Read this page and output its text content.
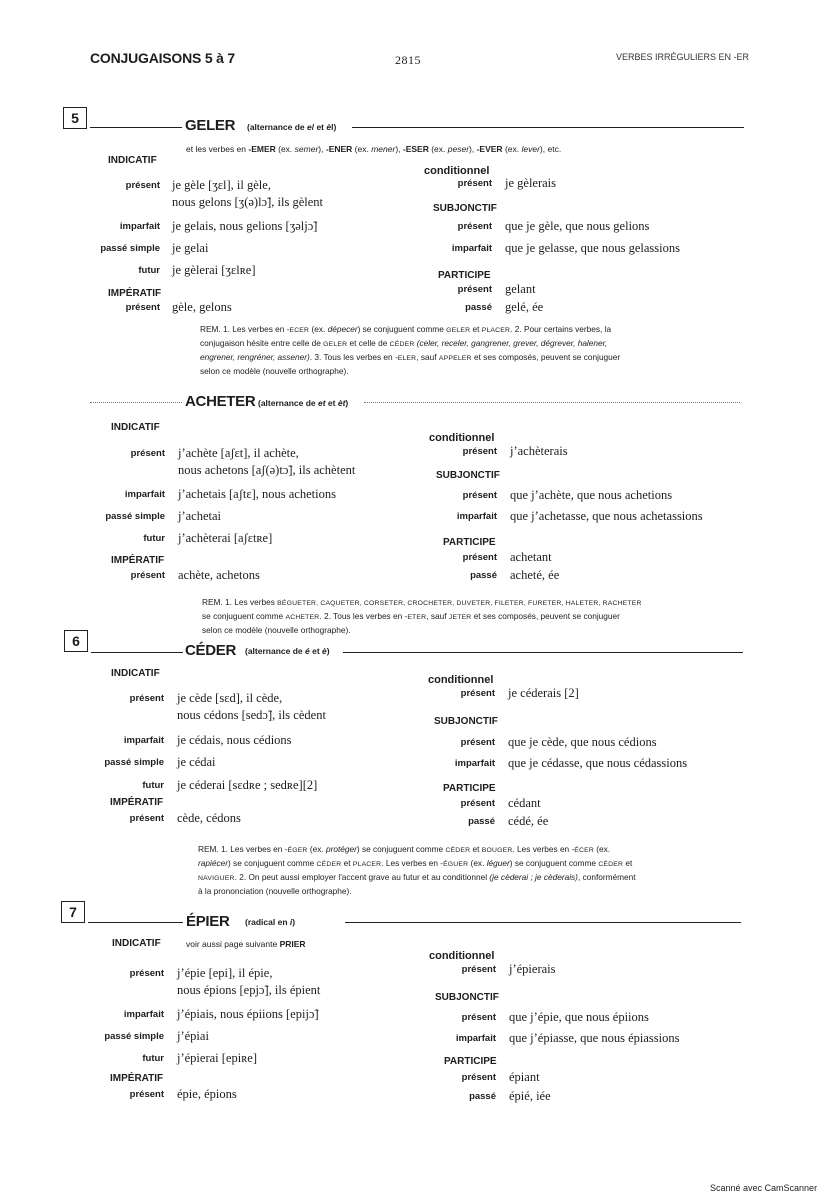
CONJUGAISONS 5 à 7	2815	VERBES IRRÉGULIERS EN -ER
5	GELER (alternance de e/ et èl)
et les verbes en -EMER (ex. semer), -ENER (ex. mener), -ESER (ex. peser), -EVER (ex. lever), etc.
INDICATIF
présent je gèle [ʒɛl], il gèle,
nous gelons [ʒ(ə)lɔ̃], ils gèlent
imparfait je gelais, nous gelions [ʒəljɔ̃]
passé simple je gelai
futur je gèlerai [ʒɛlʀe]
IMPÉRATIF
présent gèle, gelons
conditionnel
présent je gèlerais
SUBJONCTIF
présent que je gèle, que nous gelions
imparfait que je gelasse, que nous gelassions
PARTICIPE
présent gelant
passé gelé, ée
REM. 1. Les verbes en -ECER (ex. dépecer) se conjuguent comme GELER et PLACER. 2. Pour certains verbes, la conjugaison hésite entre celle de GELER et celle de CÉDER (celer, receler, gangrener, grever, dégrever, halener, engrener, rengréner, assener). 3. Tous les verbes en -ELER, sauf APPELER et ses composés, peuvent se conjuguer selon ce modèle (nouvelle orthographe).
ACHETER (alternance de et et èt)
INDICATIF
présent j’achète [aʃɛt], il achète,
nous achetons [aʃ(ə)tɔ̃], ils achètent
imparfait j’achetais [aʃtɛ], nous achetions
passé simple j’achetai
futur j’achèterai [aʃɛtʀe]
IMPÉRATIF
présent achète, achetons
conditionnel
présent j’achèterais
SUBJONCTIF
présent que j’achète, que nous achetions
imparfait que j’achetasse, que nous achetassions
PARTICIPE
présent achetant
passé acheté, ée
REM. 1. Les verbes BÉGUETER, CAQUETER, CORSETER, CROCHETER, DUVETER, FILETER, FURETER, HALETER, RACHETER se conjuguent comme ACHETER. 2. Tous les verbes en -ETER, sauf JETER et ses composés, peuvent se conjuguer selon ce modèle (nouvelle orthographe).
6
CÉDER (alternance de é et è)
INDICATIF
présent je cède [sɛd], il cède,
nous cédons [sedɔ̃], ils cèdent
imparfait je cédais, nous cédions
passé simple je cédai
futur je céderai [sɛdʀe ; sedʀe][2]
IMPÉRATIF
présent cède, cédons
conditionnel
présent je céderais [2]
SUBJONCTIF
présent que je cède, que nous cédions
imparfait que je cédasse, que nous cédassions
PARTICIPE
présent cédant
passé cédé, ée
REM. 1. Les verbes en -ÉGER (ex. protéger) se conjuguent comme CÉDER et BOUGER. Les verbes en -ÉCER (ex. rapiécer) se conjuguent comme CÉDER et PLACER. Les verbes en -ÉGUER (ex. léguer) se conjuguent comme CÉDER et NAVIGUER. 2. On peut aussi employer l'accent grave au futur et au conditionnel (je cèderai ; je cèderais), conformément à la prononciation (nouvelle orthographe).
7
ÉPIER (radical en i)
voir aussi page suivante PRIER
INDICATIF
présent j’épie [epi], il épie,
nous épions [epjɔ̃], ils épient
imparfait j’épiais, nous épiions [epijɔ̃]
passé simple j’épiai
futur j’épierai [epiʀe]
IMPÉRATIF
présent épie, épions
conditionnel
présent j’épierais
SUBJONCTIF
présent que j’épie, que nous épiions
imparfait que j’épiasse, que nous épiassions
PARTICIPE
présent épiant
passé épié, iée
Scanné avec CamScanner
